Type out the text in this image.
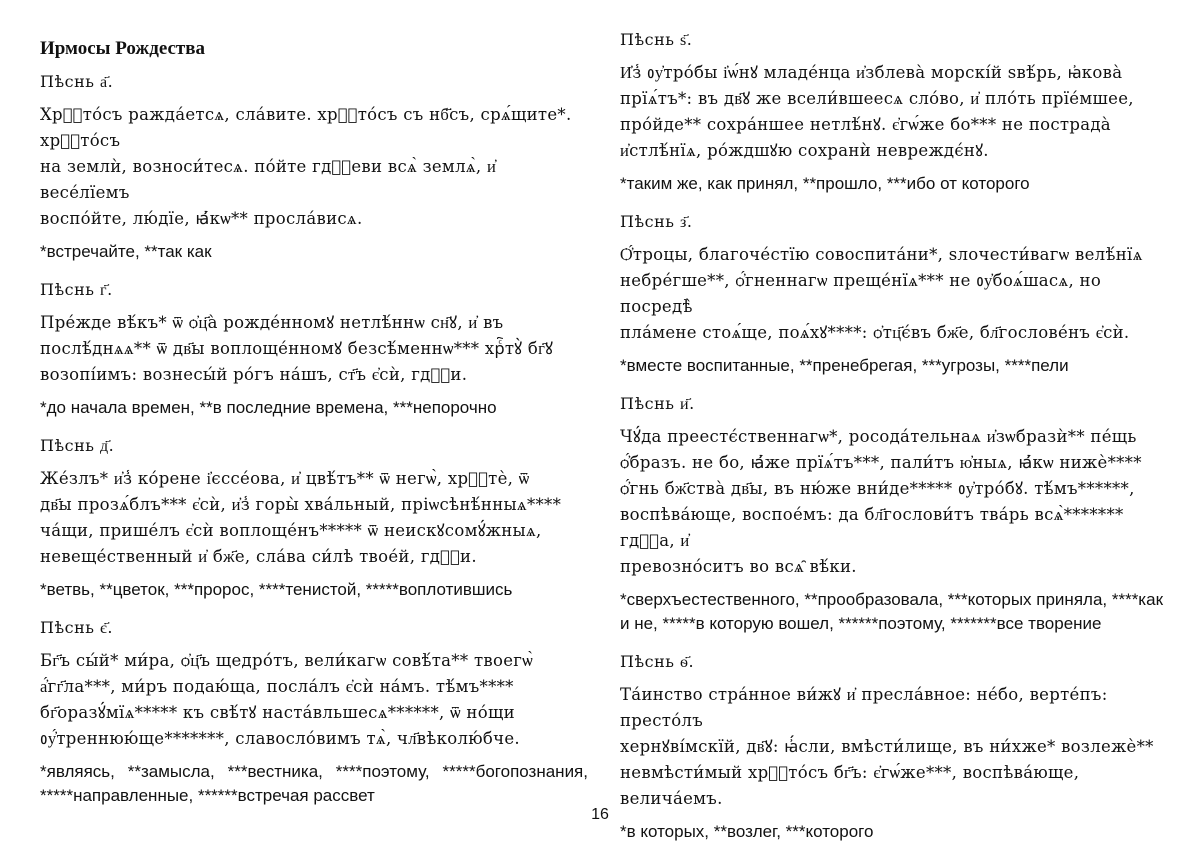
Ирмосы Рождества
Пѣснь а҃.
Хрⷭ҇то́съ ражда́етсѧ, сла́вите. хрⷭ҇то́съ съ нб҃съ, срѧ́щите*. хрⷭ҇то́съ
на землѝ, возноси́тесѧ. по́йте гдⷭ҇еви всѧ̀ землѧ̀, и҆ весе́лїемъ
воспо́йте, лю́дїе, ꙗ҆́кѡ** просла́висѧ.
*встречайте, **так как
Пѣснь г҃.
Пре́жде вѣ́къ* ѿ ѻ҆ц҃а̀ рожде́нномꙋ нетлѣ́ннѡ сн҃ꙋ, и҆ въ
послѣ́днѧѧ** ѿ дв҃ы воплоще́нномꙋ безсѣ́меннѡ*** хрⷭ҇тꙋ̀ бг҃ꙋ
возопі́имъ: вознесы́й ро́гъ на́шъ, ст҃ъ є҆сѝ, гдⷭ҇и.
*до начала времен, **в последние времена, ***непорочно
Пѣснь д҃.
Же́злъ* и҆з̾ ко́рене і҆єссе́ова, и҆ цвѣ́тъ** ѿ негѡ̀, хрⷭ҇тѐ, ѿ
дв҃ы прозѧ́блъ*** є҆сѝ, и҆з̾ горы̀ хва́льный, пріѡсѣнѣ́нныѧ****
ча́щи, прише́лъ є҆сѝ воплоще́нъ***** ѿ неискꙋсомꙋ́жныѧ,
невеще́ственный и҆ бж҃е, сла́ва си́лѣ твое́й, гдⷭ҇и.
*ветвь, **цветок, ***пророс, ****тенистой, *****воплотившись
Пѣснь є҃.
Бг҃ъ сы́й* ми́ра, ѻ҆ц҃ъ щедро́тъ, вели́кагѡ совѣ́та** твоегѡ̀
а҆́гг҃ла***, ми́ръ подаю́ща, посла́лъ є҆сѝ на́мъ. тѣ́мъ****
бг҃оразꙋ́мїѧ***** къ свѣ́тꙋ наста́вльшесѧ******, ѿ но́щи
ᲂу҆́треннюю́ще*******, славосло́вимъ тѧ̀, чл҃вѣколю́бче.
*являясь, **замысла, ***вестника, ****поэтому, *****богопознания, *****направленные, ******встречая рассвет
Пѣснь ѕ҃.
И҆з̾ ᲂу҆тро́бы і҆ѡ́нꙋ младе́нца и҆зблева̀ морскі́й ѕвѣ́рь, ꙗ҆кова̀
прїѧ́тъ*: въ дв҃ꙋ же всели́вшеесѧ сло́во, и҆ пло́ть прїе́мшее,
про́йде** сохра́ншее нетлѣ́нꙋ. є҆гѡ́же бо*** не пострада̀
и҆стлѣ́нїѧ, ро́ждшꙋю сохранѝ невреждє́нꙋ.
*таким же, как принял, **прошло, ***ибо от которого
Пѣснь з҃.
Ѻ҆́троцы, благоче́стїю совоспита́ни*, ѕлочести́вагѡ велѣ́нїѧ
небре́гше**, ѻ҆́гненнагѡ преще́нїѧ*** не ᲂу҆боѧ́шасѧ, но посредѣ̀
пла́мене стоѧ́ще, поѧ́хꙋ****: ѻ҆тц҃є́въ бж҃е, бл҃гослове́нъ є҆сѝ.
*вместе воспитанные, **пренебрегая, ***угрозы, ****пели
Пѣснь и҃.
Чꙋ́да преестє́ственнагѡ*, росода́тельнаѧ и҆зѡбразѝ** пе́щь
ѻ҆́бразъ. не бо, ꙗ҆́же прїѧ́тъ***, пали́тъ ю҆ныѧ, ꙗ҆́кѡ нижѐ****
ѻ҆́гнь бж҃ства̀ дв҃ы, въ ню́же вни́де***** ᲂу҆тро́бꙋ. тѣ́мъ******,
воспѣва́юще, воспое́мъ: да бл҃гослови́тъ тва́рь всѧ̀******* гдⷭ҇а, и҆
превозно́ситъ во всѧ̑ вѣ́ки.
*сверхъестественного, **прообразовала, ***которых приняла, ****как и не, *****в которую вошел, ******поэтому, *******все творение
Пѣснь ѳ҃.
Та́инство стра́нное ви́жꙋ и҆ пресла́вное: не́бо, верте́пъ: престо́лъ
хернꙋві́мскїй, дв҃ꙋ: ꙗ҆́сли, вмѣсти́лище, въ ни́хже* возлежѐ**
невмѣсти́мый хрⷭ҇то́съ бг҃ъ: є҆гѡ́же***, воспѣва́юще, велича́емъ.
*в которых, **возлег, ***которого
16
